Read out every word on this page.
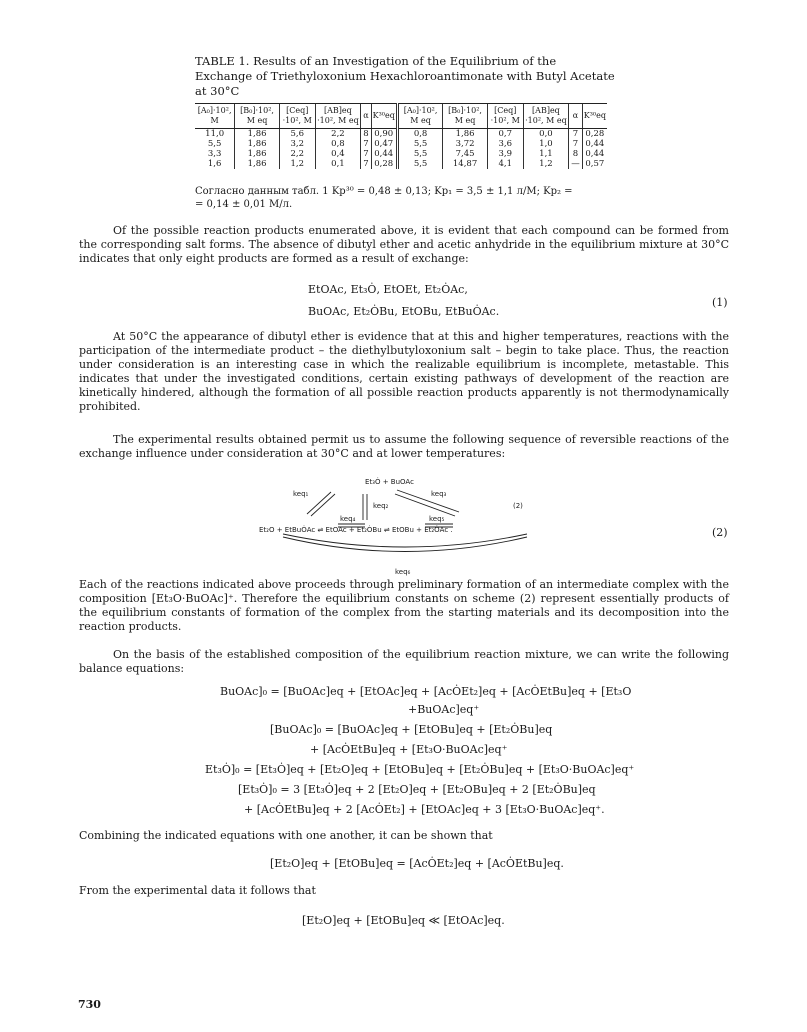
TABLE 1. Results of an Investigation of the Equilibrium of the Exchange of Triethyloxonium Hexachloroantimonate with Butyl Acetate at 30°C
[A₀]·10², M	[B₀]·10², M eq	[Ceq] ·10², M	[AB]eq ·10², M eq	α	K³⁰eq	[A₀]·10², M eq	[B₀]·10², M eq	[Ceq] ·10², M	[AB]eq ·10², M eq	α	K³⁰eq
11,0	1,86	5,6	2,2	8	0,90	0,8	1,86	0,7	0,0	7	0,28
5,5	1,86	3,2	0,8	7	0,47	5,5	3,72	3,6	1,0	7	0,44
3,3	1,86	2,2	0,4	7	0,44	5,5	7,45	3,9	1,1	8	0,44
1,6	1,86	1,2	0,1	7	0,28	5,5	14,87	4,1	1,2	—	0,57
Согласно данным табл. 1 Kp³⁰ = 0,48 ± 0,13; Kp₁ = 3,5 ± 1,1 л/M; Kp₂ =
= 0,14 ± 0,01 M/л.
Of the possible reaction products enumerated above, it is evident that each compound can be formed from the corresponding salt forms. The absence of dibutyl ether and acetic anhydride in the equilibrium mixture at 30°C indicates that only eight products are formed as a result of exchange:
EtOAc, Et₃Ȯ, EtOEt, Et₂ȮAc,
BuOAc, Et₂ȮBu, EtOBu, EtBuȮAc.
(1)
At 50°C the appearance of dibutyl ether is evidence that at this and higher temperatures, reactions with the participation of the intermediate product – the diethylbutyloxonium salt – begin to take place. Thus, the reaction under consideration is an interesting case in which the realizable equilibrium is incomplete, metastable. This indicates that under the investigated conditions, certain existing pathways of development of the reaction are kinetically hindered, although the formation of all possible reaction products apparently is not thermodynamically prohibited.
The experimental results obtained permit us to assume the following sequence of reversible reactions of the exchange influence under consideration at 30°C and at lower temperatures:
Et₃Ȯ + BuOAc
keq₁
keq₂
keq₃
(2)
keq₄	keq₅
Et₂O + EtBuȮAc ⇌ EtOAc + Et₂ȮBu ⇌ EtOBu + Et₂ȮAc .
keq₆
(2)
Each of the reactions indicated above proceeds through preliminary formation of an intermediate complex with the composition [Et₃O·BuOAc]⁺. Therefore the equilibrium constants on scheme (2) represent essentially products of the equilibrium constants of formation of the complex from the starting materials and its decomposition into the reaction products.
On the basis of the established composition of the equilibrium reaction mixture, we can write the following balance equations:
BuOAc]₀ = [BuOAc]eq + [EtOAc]eq + [AcȮEt₂]eq + [AcȮEtBu]eq + [Et₃O
+BuOAc]eq⁺
[BuOAc]₀ = [BuOAc]eq + [EtOBu]eq + [Et₂ȮBu]eq
+ [AcȮEtBu]eq + [Et₃O·BuOAc]eq⁺
Et₃Ȯ]₀ = [Et₃Ȯ]eq + [Et₂O]eq + [EtOBu]eq + [Et₂ȮBu]eq + [Et₃O·BuOAc]eq⁺
[Et₃Ȯ]₀ = 3 [Et₃Ȯ]eq + 2 [Et₂O]eq + [Et₂OBu]eq + 2 [Et₂ȮBu]eq
+ [AcȮEtBu]eq + 2 [AcȮEt₂] + [EtOAc]eq + 3 [Et₃O·BuOAc]eq⁺.
Combining the indicated equations with one another, it can be shown that
[Et₂O]eq + [EtOBu]eq = [AcȮEt₂]eq + [AcȮEtBu]eq.
From the experimental data it follows that
[Et₂O]eq + [EtOBu]eq ≪ [EtOAc]eq.
730
